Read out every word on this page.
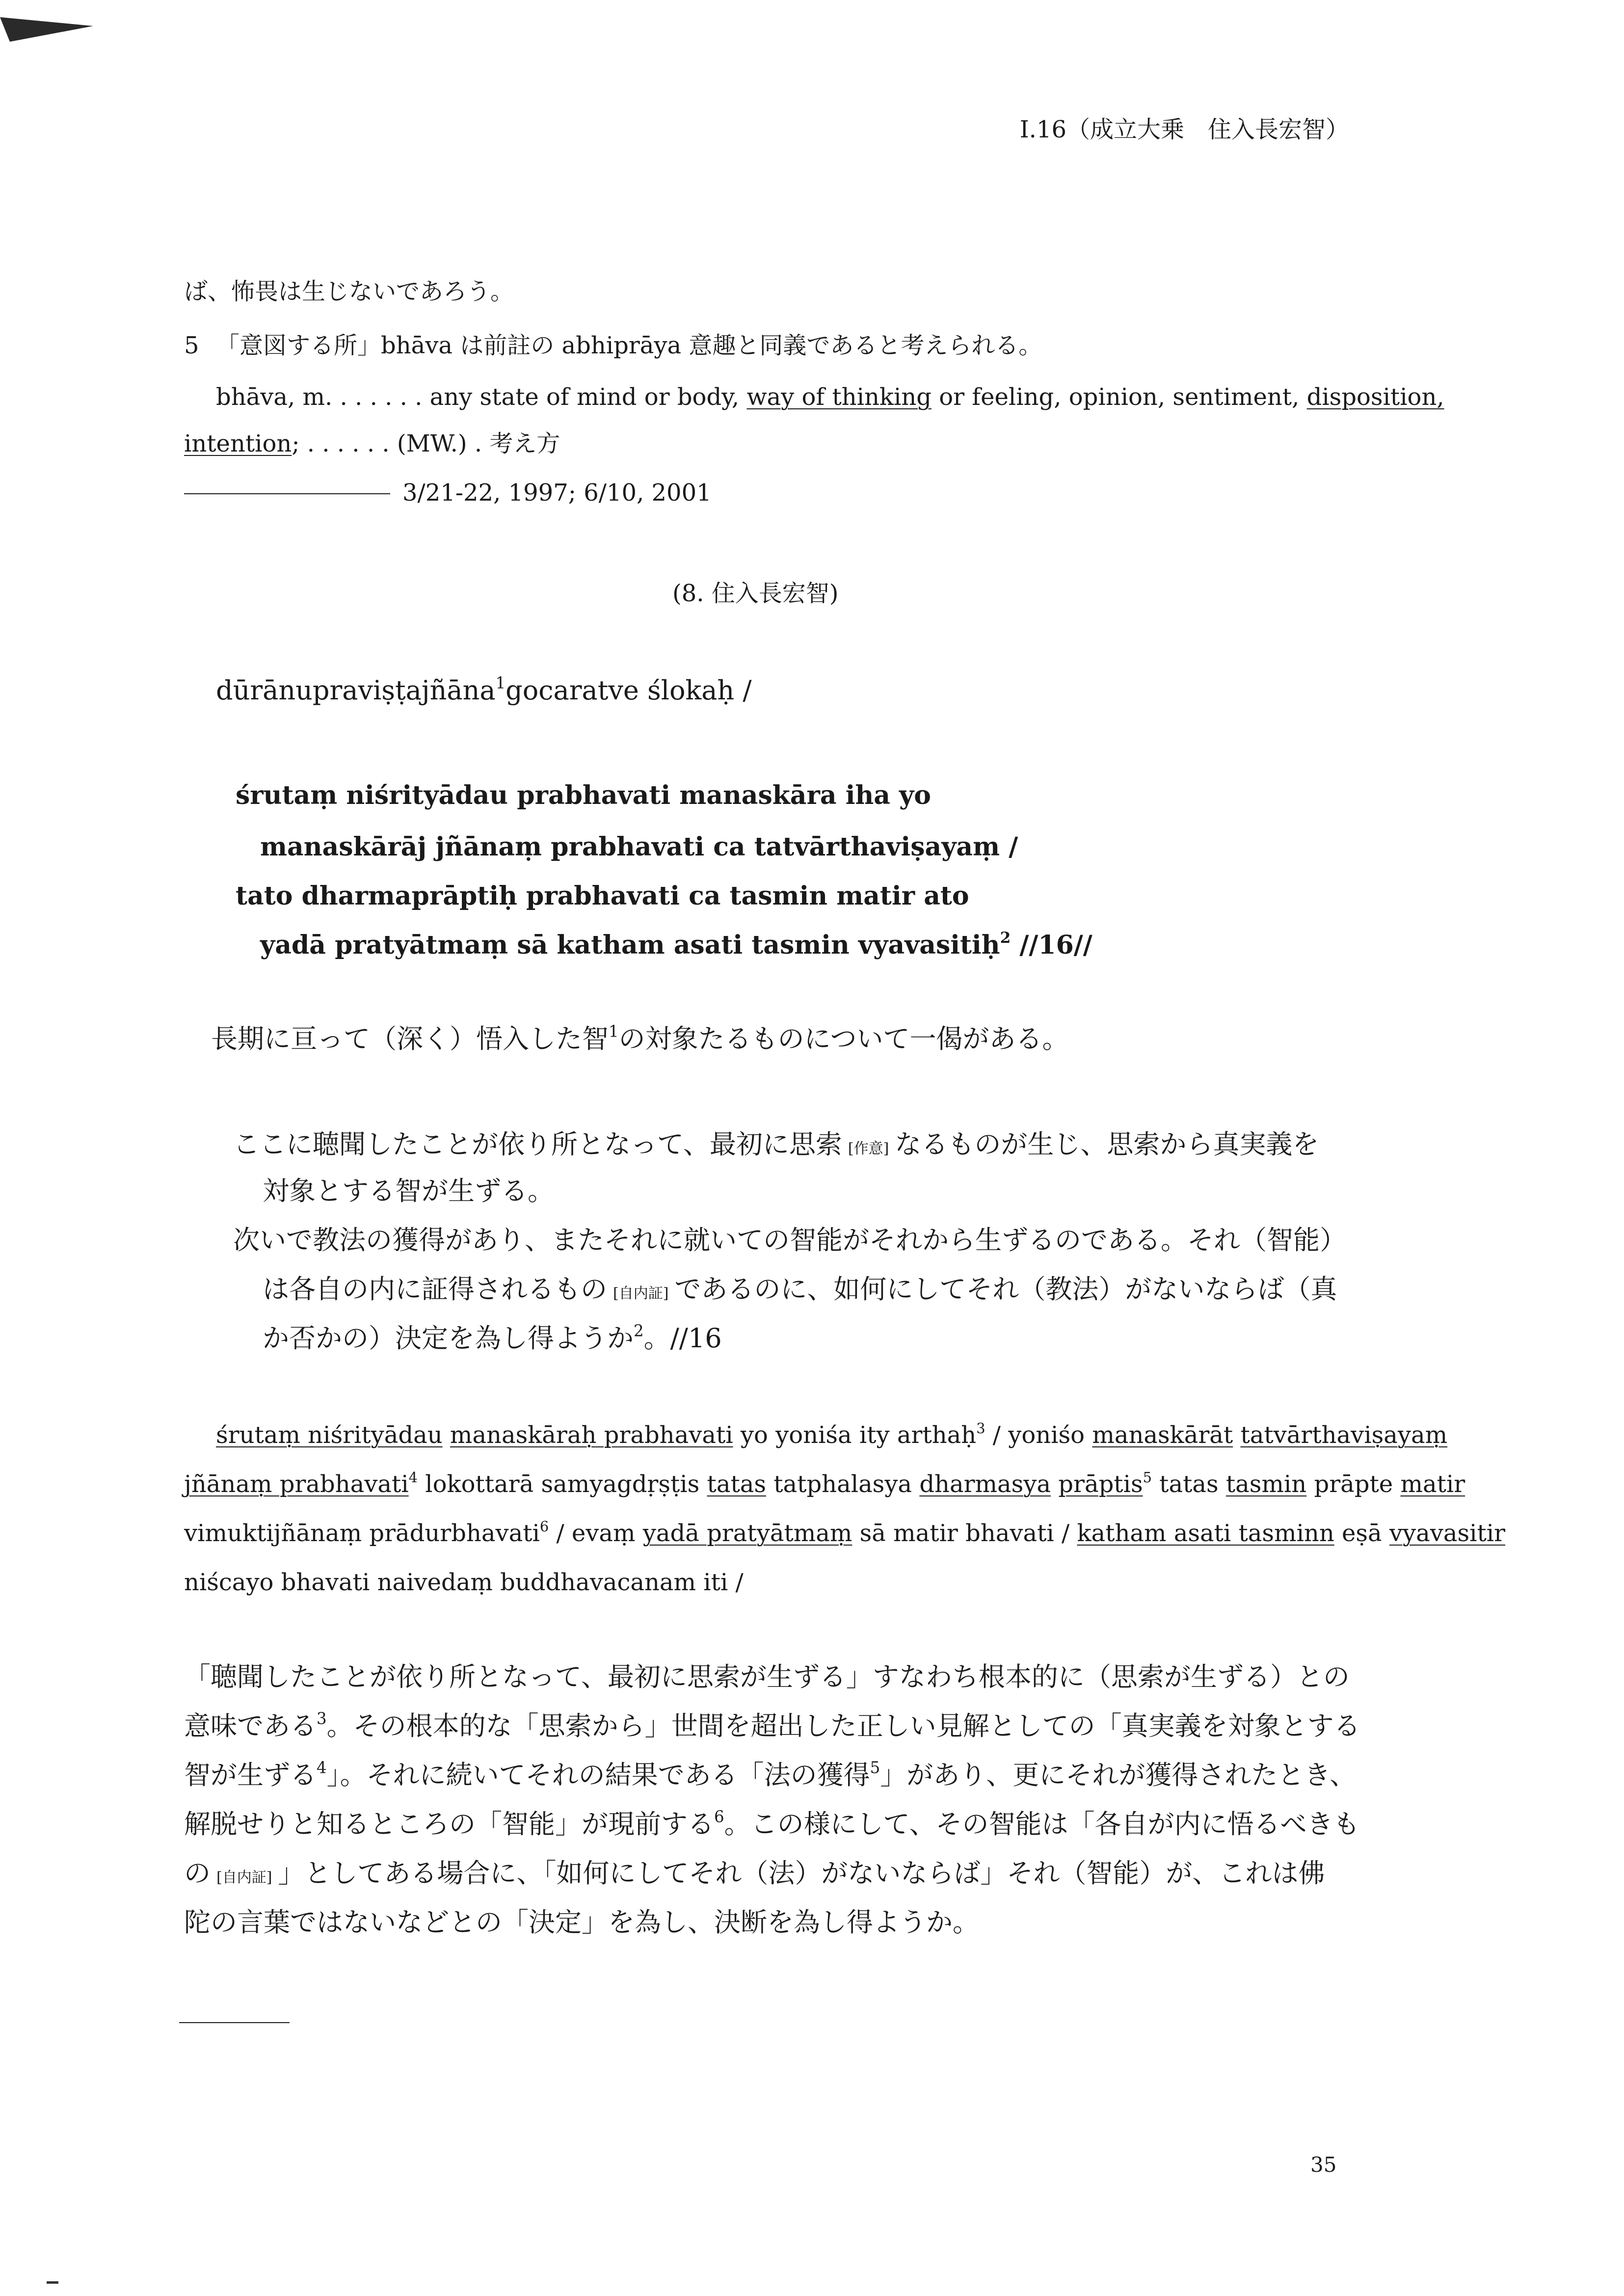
I.16（成立大乗　住入長宏智）
ば、怖畏は生じないであろう。
5 「意図する所」bhāva は前註の abhiprāya 意趣と同義であると考えられる。
bhāva, m. . . . . . . any state of mind or body, way of thinking or feeling, opinion, sentiment, disposition,
intention; . . . . . . (MW.) . 考え方
3/21-22, 1997; 6/10, 2001
(8. 住入長宏智)
dūrānupraviṣṭajñāna$^1$gocaratve ślokaḥ /
śrutaṃ niśrityādau prabhavati manaskāra iha yo
manaskārāj jñānaṃ prabhavati ca tatvārthaviṣayaṃ /
tato dharmaprāptiḥ prabhavati ca tasmin matir ato
yadā pratyātmaṃ sā katham asati tasmin vyavasitiḥ$^2$ //16//
長期に亘って（深く）悟入した智$^1$の対象たるものについて一偈がある。
ここに聴聞したことが依り所となって、最初に思索 [作意] なるものが生じ、思索から真実義を
対象とする智が生ずる。
次いで教法の獲得があり、またそれに就いての智能がそれから生ずるのである。それ（智能）
は各自の内に証得されるもの [自内証] であるのに、如何にしてそれ（教法）がないならば（真
か否かの）決定を為し得ようか$^2$。//16
śrutaṃ niśrityādau manaskāraḥ prabhavati yo yoniśa ity arthaḥ$^3$ / yoniśo manaskārāt tatvārthaviṣayaṃ
jñānaṃ prabhavati$^4$ lokottarā samyagdṛṣṭis tatas tatphalasya dharmasya prāptis$^5$ tatas tasmin prāpte matir
vimuktijñānaṃ prādurbhavati$^6$ / evaṃ yadā pratyātmaṃ sā matir bhavati / katham asati tasminn eṣā vyavasitir
niścayo bhavati naivedaṃ buddhavacanam iti /
「聴聞したことが依り所となって、最初に思索が生ずる」すなわち根本的に（思索が生ずる）との
意味である$^3$。その根本的な「思索から」世間を超出した正しい見解としての「真実義を対象とする
智が生ずる$^4$」。それに続いてそれの結果である「法の獲得$^5$」があり、更にそれが獲得されたとき、
解脱せりと知るところの「智能」が現前する$^6$。この様にして、その智能は「各自が内に悟るべきも
の [自内証] 」としてある場合に、「如何にしてそれ（法）がないならば」それ（智能）が、これは佛
陀の言葉ではないなどとの「決定」を為し、決断を為し得ようか。
35
